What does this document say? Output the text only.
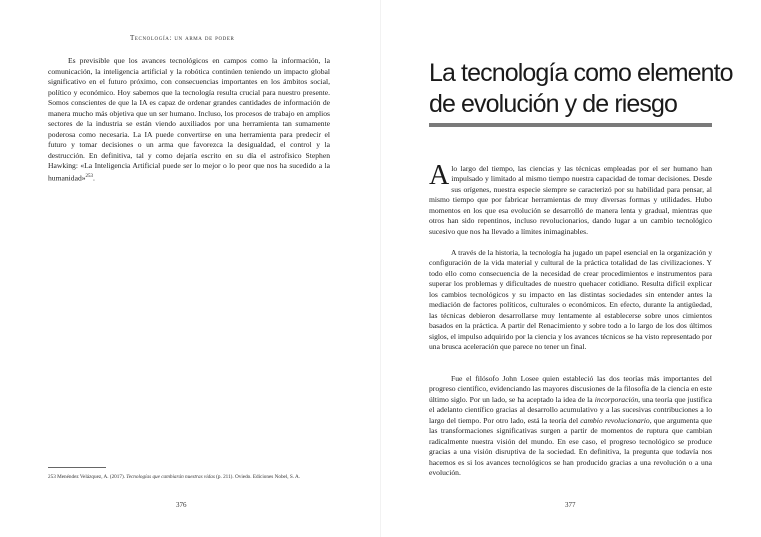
Tecnología: un arma de poder

Es previsible que los avances tecnológicos en campos como la información, la comunicación, la inteligencia artificial y la robótica continúen teniendo un impacto global significativo en el futuro próximo, con consecuencias importantes en los ámbitos social, político y económico. Hoy sabemos que la tecnología resulta crucial para nuestro presente. Somos conscientes de que la IA es capaz de ordenar grandes cantidades de información de manera mucho más objetiva que un ser humano. Incluso, los procesos de trabajo en amplios sectores de la industria se están viendo auxiliados por una herramienta tan sumamente poderosa como necesaria. La IA puede convertirse en una herramienta para predecir el futuro y tomar decisiones o un arma que favorezca la desigualdad, el control y la destrucción. En definitiva, tal y como dejaría escrito en su día el astrofísico Stephen Hawking: «La Inteligencia Artificial puede ser lo mejor o lo peor que nos ha sucedido a la humanidad»$^{253}$.

253 Menéndez Velázquez, A. (2017). Tecnologías que cambiarán nuestras vidas (p. 211). Oviedo. Ediciones Nobel, S. A.
376
La tecnología como elemento de evolución y de riesgo

Alo largo del tiempo, las ciencias y las técnicas empleadas por el ser humano han impulsado y limitado al mismo tiempo nuestra capacidad de tomar decisiones. Desde sus orígenes, nuestra especie siempre se caracterizó por su habilidad para pensar, al mismo tiempo que por fabricar herramientas de muy diversas formas y utilidades. Hubo momentos en los que esa evolución se desarrolló de manera lenta y gradual, mientras que otros han sido repentinos, incluso revolucionarios, dando lugar a un cambio tecnológico sucesivo que nos ha llevado a límites inimaginables.

A través de la historia, la tecnología ha jugado un papel esencial en la organización y configuración de la vida material y cultural de la práctica totalidad de las civilizaciones. Y todo ello como consecuencia de la necesidad de crear procedimientos e instrumentos para superar los problemas y dificultades de nuestro quehacer cotidiano. Resulta difícil explicar los cambios tecnológicos y su impacto en las distintas sociedades sin entender antes la mediación de factores políticos, culturales o económicos. En efecto, durante la antigüedad, las técnicas debieron desarrollarse muy lentamente al establecerse sobre unos cimientos basados en la práctica. A partir del Renacimiento y sobre todo a lo largo de los dos últimos siglos, el impulso adquirido por la ciencia y los avances técnicos se ha visto representado por una brusca aceleración que parece no tener un final.

Fue el filósofo John Losee quien estableció las dos teorías más importantes del progreso científico, evidenciando las mayores discusiones de la filosofía de la ciencia en este último siglo. Por un lado, se ha aceptado la idea de la incorporación, una teoría que justifica el adelanto científico gracias al desarrollo acumulativo y a las sucesivas contribuciones a lo largo del tiempo. Por otro lado, está la teoría del cambio revolucionario, que argumenta que las transformaciones significativas surgen a partir de momentos de ruptura que cambian radicalmente nuestra visión del mundo. En ese caso, el progreso tecnológico se produce gracias a una visión disruptiva de la sociedad. En definitiva, la pregunta que todavía nos hacemos es si los avances tecnológicos se han producido gracias a una revolución o a una evolución.

377
